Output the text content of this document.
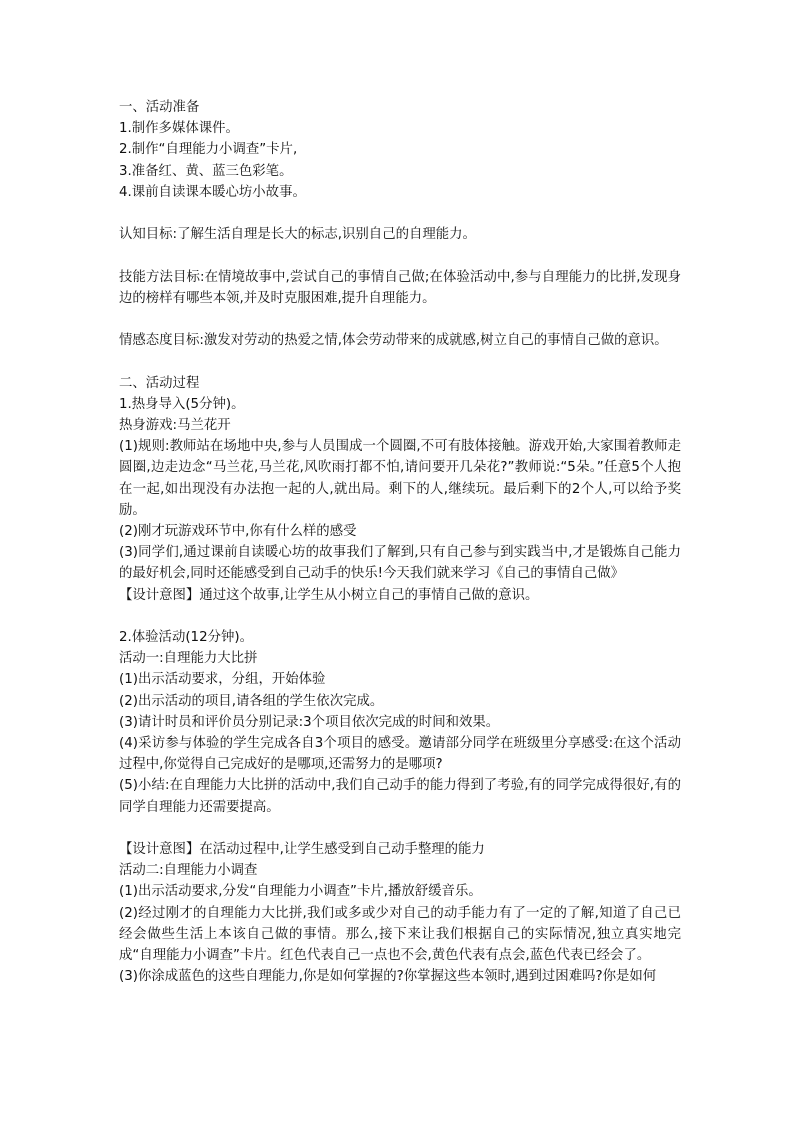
一、活动准备

1.制作多媒体课件。

2.制作“自理能力小调查”卡片,

3.准备红、黄、蓝三色彩笔。

4.课前自读课本暖心坊小故事。

认知目标:了解生活自理是长大的标志,识别自己的自理能力。

技能方法目标:在情境故事中,尝试自己的事情自己做;在体验活动中,参与自理能力的比拼,发现身边的榜样有哪些本领,并及时克服困难,提升自理能力。

情感态度目标:激发对劳动的热爱之情,体会劳动带来的成就感,树立自己的事情自己做的意识。

二、活动过程

1.热身导入(5分钟)。

热身游戏:马兰花开

(1)规则:教师站在场地中央,参与人员围成一个圆圈,不可有肢体接触。游戏开始,大家围着教师走圆圈,边走边念“马兰花,马兰花,风吹雨打都不怕,请问要开几朵花?”教师说:“5朵。”任意5个人抱在一起,如出现没有办法抱一起的人,就出局。剩下的人,继续玩。最后剩下的2个人,可以给予奖励。

(2)刚才玩游戏环节中,你有什么样的感受

(3)同学们,通过课前自读暖心坊的故事我们了解到,只有自己参与到实践当中,才是锻炼自己能力的最好机会,同时还能感受到自己动手的快乐!今天我们就来学习《自己的事情自己做》

【设计意图】通过这个故事,让学生从小树立自己的事情自己做的意识。

2.体验活动(12分钟)。

活动一:自理能力大比拼

(1)出示活动要求，分组，开始体验

(2)出示活动的项目,请各组的学生依次完成。

(3)请计时员和评价员分别记录:3个项目依次完成的时间和效果。

(4)采访参与体验的学生完成各自3个项目的感受。邀请部分同学在班级里分享感受:在这个活动过程中,你觉得自己完成好的是哪项,还需努力的是哪项?

(5)小结:在自理能力大比拼的活动中,我们自己动手的能力得到了考验,有的同学完成得很好,有的同学自理能力还需要提高。

【设计意图】在活动过程中,让学生感受到自己动手整理的能力

活动二:自理能力小调查

(1)出示活动要求,分发“自理能力小调查”卡片,播放舒缓音乐。

(2)经过刚才的自理能力大比拼,我们或多或少对自己的动手能力有了一定的了解,知道了自己已经会做些生活上本该自己做的事情。那么,接下来让我们根据自己的实际情况,独立真实地完成“自理能力小调查”卡片。红色代表自己一点也不会,黄色代表有点会,蓝色代表已经会了。

(3)你涂成蓝色的这些自理能力,你是如何掌握的?你掌握这些本领时,遇到过困难吗?你是如何
